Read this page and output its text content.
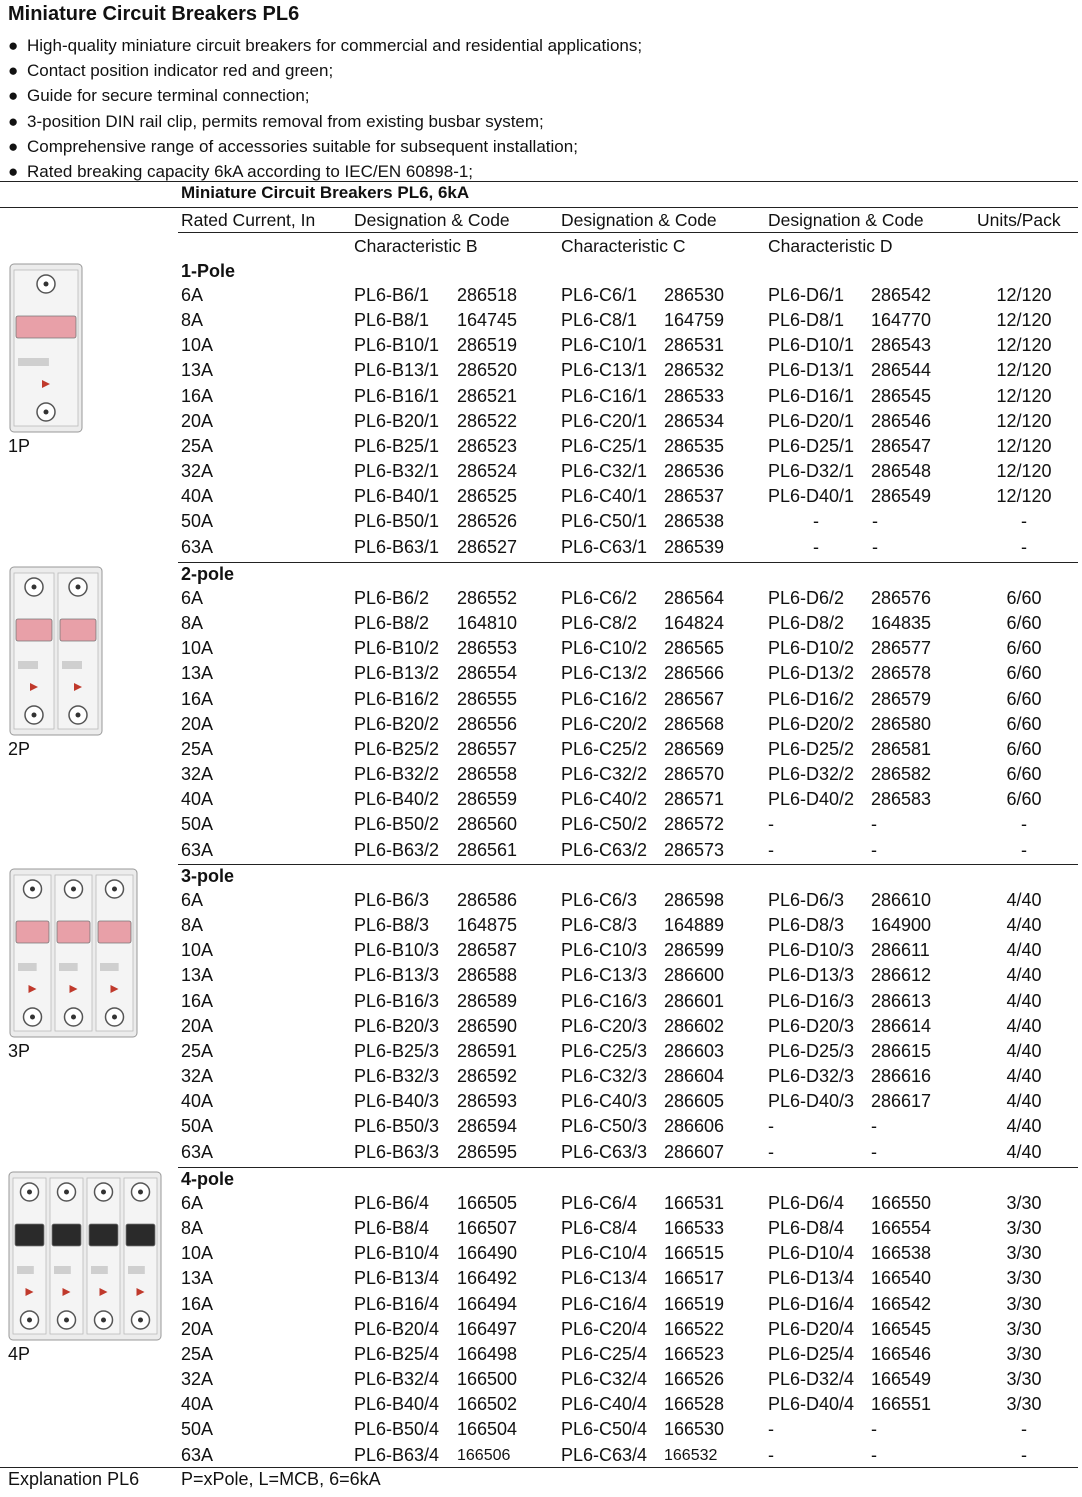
Miniature Circuit Breakers PL6
● High-quality miniature circuit breakers for commercial and residential applications;
● Contact position indicator red and green;
● Guide for secure terminal connection;
● 3-position DIN rail clip, permits removal from existing busbar system;
● Comprehensive range of accessories suitable for subsequent installation;
● Rated breaking capacity 6kA according to IEC/EN 60898-1;
Miniature Circuit Breakers PL6, 6kA
Rated Current, In Designation & Code	Designation & Code	Designation & Code	Units/Pack
Characteristic B	Characteristic C	Characteristic D
1-Pole
1P
6A	PL6-B6/1 286518 PL6-C6/1 286530 PL6-D6/1 286542	12/120
8A	PL6-B8/1 164745 PL6-C8/1 164759 PL6-D8/1 164770	12/120
10A	PL6-B10/1 286519 PL6-C10/1 286531 PL6-D10/1 286543	12/120
13A	PL6-B13/1 286520 PL6-C13/1 286532 PL6-D13/1 286544	12/120
16A	PL6-B16/1 286521 PL6-C16/1 286533 PL6-D16/1 286545	12/120
20A	PL6-B20/1 286522 PL6-C20/1 286534 PL6-D20/1 286546	12/120
25A	PL6-B25/1 286523 PL6-C25/1 286535 PL6-D25/1 286547	12/120
32A	PL6-B32/1 286524 PL6-C32/1 286536 PL6-D32/1 286548	12/120
40A	PL6-B40/1 286525 PL6-C40/1 286537 PL6-D40/1 286549	12/120
50A	PL6-B50/1 286526 PL6-C50/1 286538	-	-	-
63A	PL6-B63/1 286527 PL6-C63/1 286539	-	-	-
2-pole
2P
6A	PL6-B6/2 286552 PL6-C6/2 286564 PL6-D6/2 286576	6/60
8A	PL6-B8/2 164810 PL6-C8/2 164824 PL6-D8/2 164835	6/60
10A	PL6-B10/2 286553 PL6-C10/2 286565 PL6-D10/2 286577	6/60
13A	PL6-B13/2 286554 PL6-C13/2 286566 PL6-D13/2 286578	6/60
16A	PL6-B16/2 286555 PL6-C16/2 286567 PL6-D16/2 286579	6/60
20A	PL6-B20/2 286556 PL6-C20/2 286568 PL6-D20/2 286580	6/60
25A	PL6-B25/2 286557 PL6-C25/2 286569 PL6-D25/2 286581	6/60
32A	PL6-B32/2 286558 PL6-C32/2 286570 PL6-D32/2 286582	6/60
40A	PL6-B40/2 286559 PL6-C40/2 286571 PL6-D40/2 286583	6/60
50A	PL6-B50/2 286560 PL6-C50/2 286572 -	-	-
63A	PL6-B63/2 286561 PL6-C63/2 286573 -	-	-
3-pole
3P
6A	PL6-B6/3 286586 PL6-C6/3 286598 PL6-D6/3 286610	4/40
8A	PL6-B8/3 164875 PL6-C8/3 164889 PL6-D8/3 164900	4/40
10A	PL6-B10/3 286587 PL6-C10/3 286599 PL6-D10/3 286611	4/40
13A	PL6-B13/3 286588 PL6-C13/3 286600 PL6-D13/3 286612	4/40
16A	PL6-B16/3 286589 PL6-C16/3 286601 PL6-D16/3 286613	4/40
20A	PL6-B20/3 286590 PL6-C20/3 286602 PL6-D20/3 286614	4/40
25A	PL6-B25/3 286591 PL6-C25/3 286603 PL6-D25/3 286615	4/40
32A	PL6-B32/3 286592 PL6-C32/3 286604 PL6-D32/3 286616	4/40
40A	PL6-B40/3 286593 PL6-C40/3 286605 PL6-D40/3 286617	4/40
50A	PL6-B50/3 286594 PL6-C50/3 286606 -	-	4/40
63A	PL6-B63/3 286595 PL6-C63/3 286607 -	-	4/40
4-pole
4P
6A	PL6-B6/4 166505 PL6-C6/4 166531 PL6-D6/4 166550	3/30
8A	PL6-B8/4 166507 PL6-C8/4 166533 PL6-D8/4 166554	3/30
10A	PL6-B10/4 166490 PL6-C10/4 166515 PL6-D10/4 166538	3/30
13A	PL6-B13/4 166492 PL6-C13/4 166517 PL6-D13/4 166540	3/30
16A	PL6-B16/4 166494 PL6-C16/4 166519 PL6-D16/4 166542	3/30
20A	PL6-B20/4 166497 PL6-C20/4 166522 PL6-D20/4 166545	3/30
25A	PL6-B25/4 166498 PL6-C25/4 166523 PL6-D25/4 166546	3/30
32A	PL6-B32/4 166500 PL6-C32/4 166526 PL6-D32/4 166549	3/30
40A	PL6-B40/4 166502 PL6-C40/4 166528 PL6-D40/4 166551	3/30
50A	PL6-B50/4 166504 PL6-C50/4 166530 -	-	-
63A	PL6-B63/4 166506	PL6-C63/4 166532	-	-	-
Explanation PL6 P=xPole, L=MCB, 6=6kA
